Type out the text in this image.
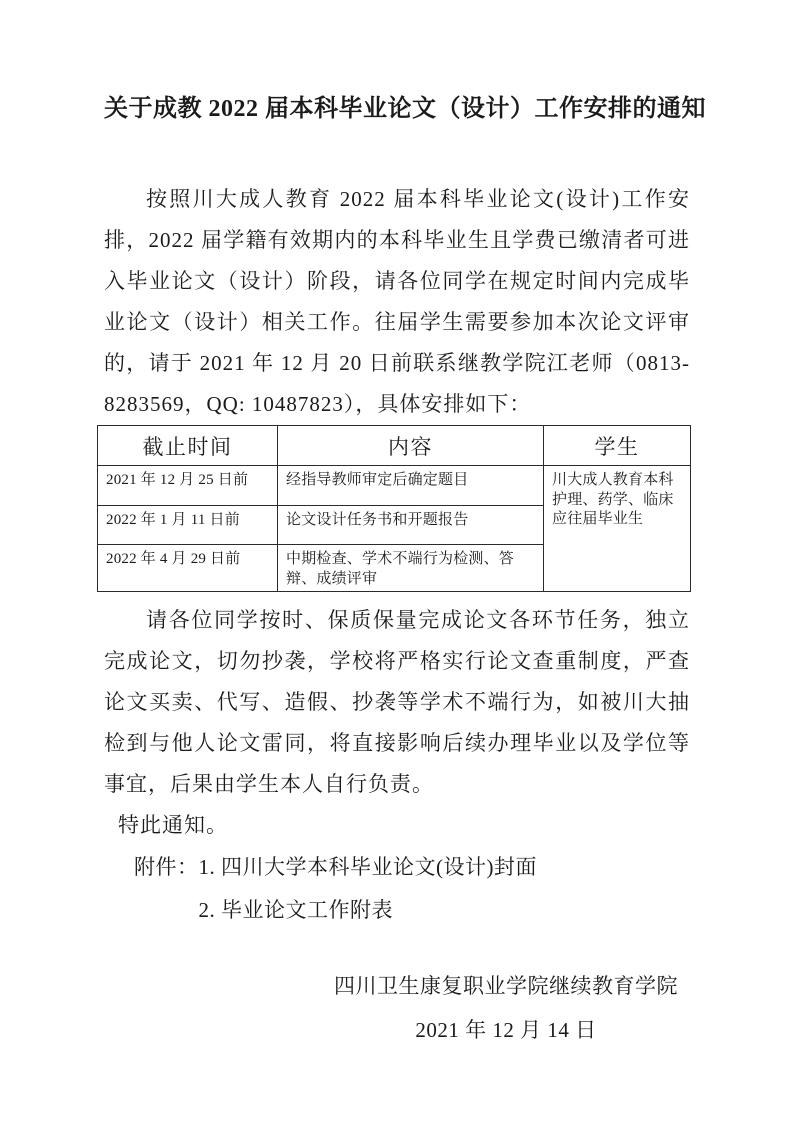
关于成教 2022 届本科毕业论文（设计）工作安排的通知

按照川大成人教育 2022 届本科毕业论文(设计)工作安排，2022 届学籍有效期内的本科毕业生且学费已缴清者可进入毕业论文（设计）阶段，请各位同学在规定时间内完成毕业论文（设计）相关工作。往届学生需要参加本次论文评审的，请于 2021 年 12 月 20 日前联系继教学院江老师（0813-8283569，QQ: 10487823），具体安排如下：

截止时间	内容	学生
2021 年 12 月 25 日前	经指导教师审定后确定题目	川大成人教育本科护理、药学、临床应往届毕业生
2022 年 1 月 11 日前	论文设计任务书和开题报告	
2022 年 4 月 29 日前	中期检查、学术不端行为检测、答辩、成绩评审	

请各位同学按时、保质保量完成论文各环节任务，独立完成论文，切勿抄袭，学校将严格实行论文查重制度，严查论文买卖、代写、造假、抄袭等学术不端行为，如被川大抽检到与他人论文雷同，将直接影响后续办理毕业以及学位等事宜，后果由学生本人自行负责。

特此通知。

附件： 1. 四川大学本科毕业论文(设计)封面
2. 毕业论文工作附表
四川卫生康复职业学院继续教育学院
2021 年 12 月 14 日
